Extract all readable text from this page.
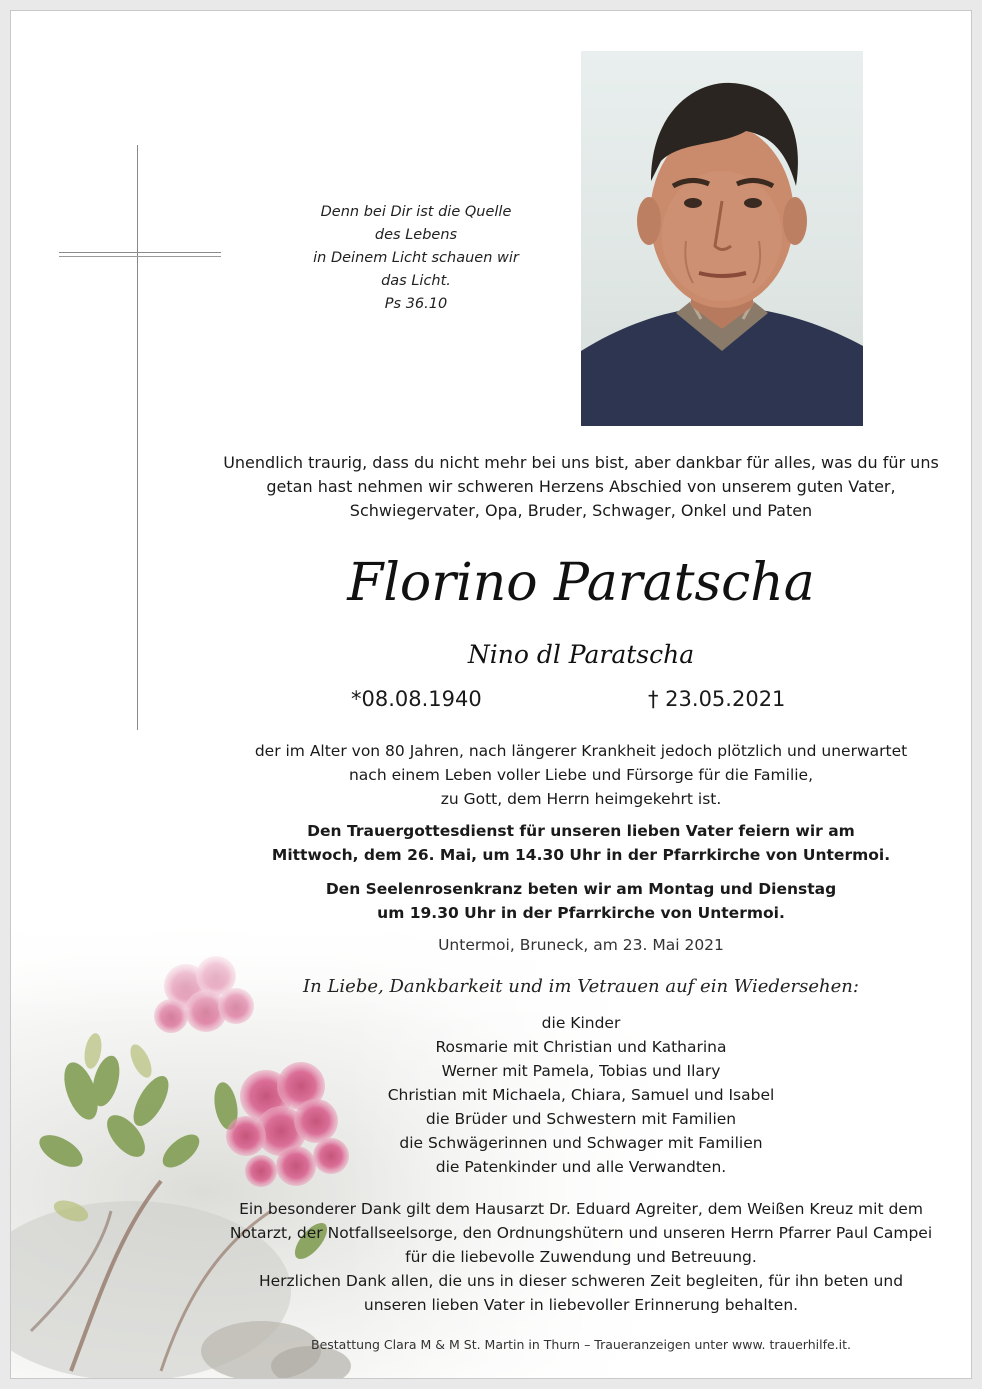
Denn bei Dir ist die Quelle
des Lebens
in Deinem Licht schauen wir
das Licht.
Ps 36.10
Unendlich traurig, dass du nicht mehr bei uns bist, aber dankbar für alles, was du für uns
getan hast nehmen wir schweren Herzens Abschied von unserem guten Vater,
Schwiegervater, Opa, Bruder, Schwager, Onkel und Paten
Florino Paratscha
Nino dl Paratscha
*08.08.1940	† 23.05.2021
der im Alter von 80 Jahren, nach längerer Krankheit jedoch plötzlich und unerwartet
nach einem Leben voller Liebe und Fürsorge für die Familie,
zu Gott, dem Herrn heimgekehrt ist.
Den Trauergottesdienst für unseren lieben Vater feiern wir am
Mittwoch, dem 26. Mai, um 14.30 Uhr in der Pfarrkirche von Untermoi.
Den Seelenrosenkranz beten wir am Montag und Dienstag
um 19.30 Uhr in der Pfarrkirche von Untermoi.
Untermoi, Bruneck, am 23. Mai 2021
In Liebe, Dankbarkeit und im Vetrauen auf ein Wiedersehen:
die Kinder
Rosmarie mit Christian und Katharina
Werner mit Pamela, Tobias und Ilary
Christian mit Michaela, Chiara, Samuel und Isabel
die Brüder und Schwestern mit Familien
die Schwägerinnen und Schwager mit Familien
die Patenkinder und alle Verwandten.
Ein besonderer Dank gilt dem Hausarzt Dr. Eduard Agreiter, dem Weißen Kreuz mit dem
Notarzt, der Notfallseelsorge, den Ordnungshütern und unseren Herrn Pfarrer Paul Campei
für die liebevolle Zuwendung und Betreuung.
Herzlichen Dank allen, die uns in dieser schweren Zeit begleiten, für ihn beten und
unseren lieben Vater in liebevoller Erinnerung behalten.
Bestattung Clara M & M St. Martin in Thurn – Traueranzeigen unter www. trauerhilfe.it.
